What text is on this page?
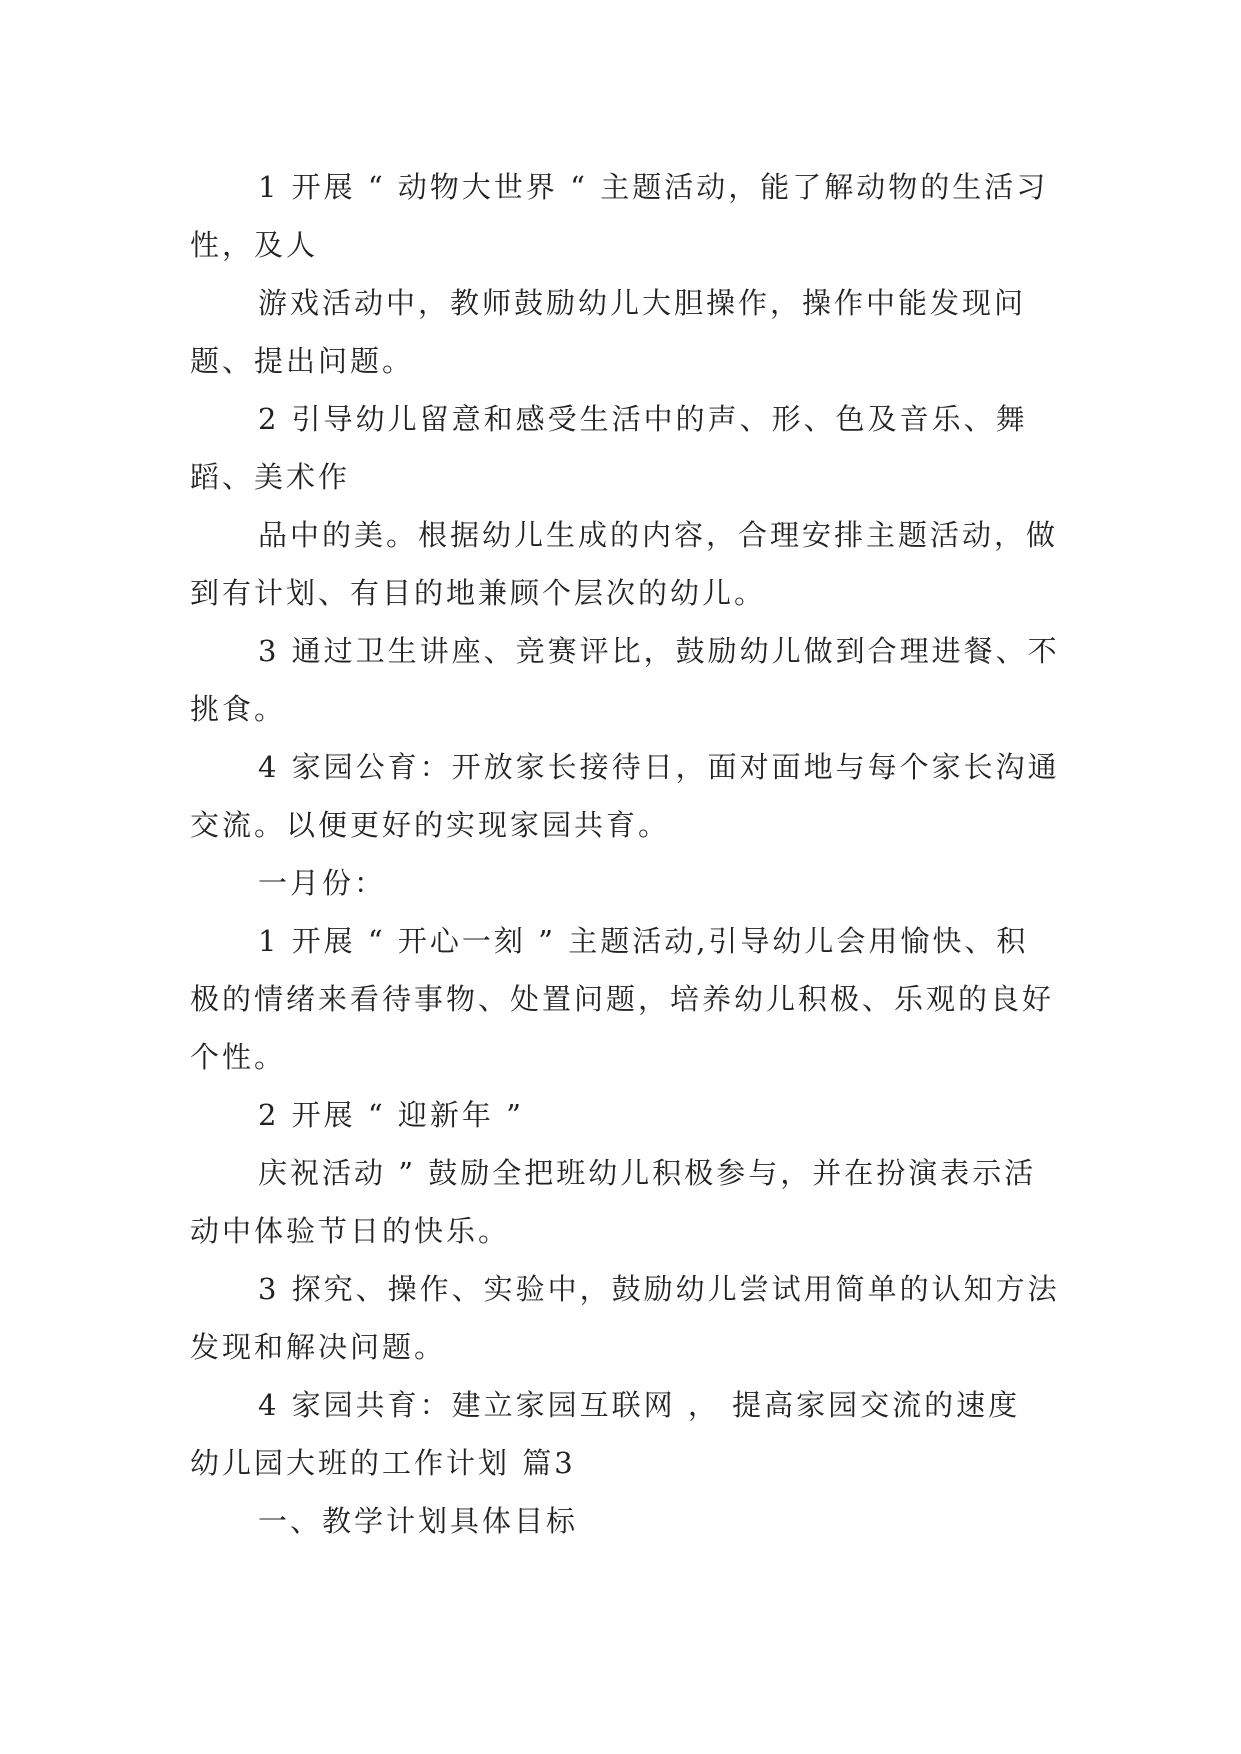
1 开展 “ 动物大世界 “ 主题活动，能了解动物的生活习性，及人

游戏活动中，教师鼓励幼儿大胆操作，操作中能发现问题、提出问题。

2 引导幼儿留意和感受生活中的声、形、色及音乐、舞蹈、美术作

品中的美。根据幼儿生成的内容，合理安排主题活动，做到有计划、有目的地兼顾个层次的幼儿。

3 通过卫生讲座、竞赛评比，鼓励幼儿做到合理进餐、不挑食。

4 家园公育：开放家长接待日，面对面地与每个家长沟通交流。以便更好的实现家园共育。

一月份：

1 开展 “ 开心一刻 ” 主题活动,引导幼儿会用愉快、积极的情绪来看待事物、处置问题，培养幼儿积极、乐观的良好个性。

2 开展 “ 迎新年 ”

庆祝活动 ” 鼓励全把班幼儿积极参与，并在扮演表示活动中体验节日的快乐。

3 探究、操作、实验中，鼓励幼儿尝试用简单的认知方法发现和解决问题。

4 家园共育：建立家园互联网 ， 提高家园交流的速度

幼儿园大班的工作计划 篇3

一、教学计划具体目标
